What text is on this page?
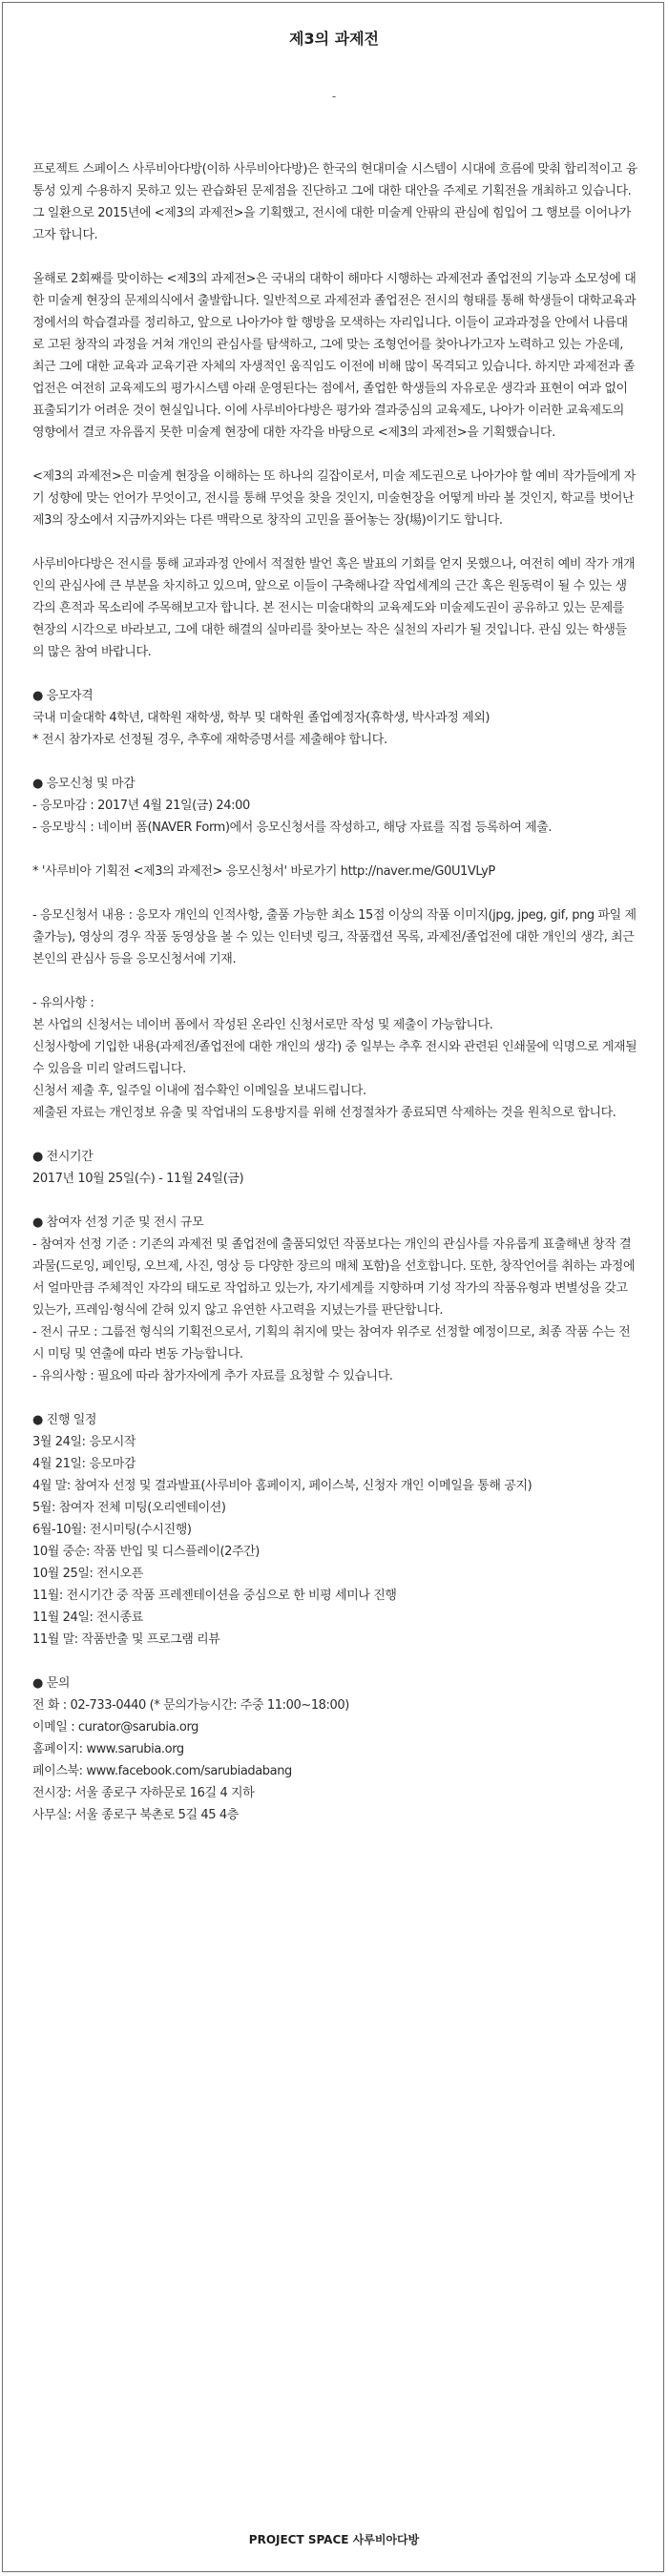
제3의 과제전
-

프로젝트 스페이스 사루비아다방(이하 사루비아다방)은 한국의 현대미술 시스템이 시대에 흐름에 맞춰 합리적이고 융통성 있게 수용하지 못하고 있는 관습화된 문제점을 진단하고 그에 대한 대안을 주제로 기획전을 개최하고 있습니다. 그 일환으로 2015년에 <제3의 과제전>을 기획했고, 전시에 대한 미술계 안팎의 관심에 힘입어 그 행보를 이어나가고자 합니다.

올해로 2회째를 맞이하는 <제3의 과제전>은 국내의 대학이 해마다 시행하는 과제전과 졸업전의 기능과 소모성에 대한 미술계 현장의 문제의식에서 출발합니다. 일반적으로 과제전과 졸업전은 전시의 형태를 통해 학생들이 대학교육과정에서의 학습결과를 정리하고, 앞으로 나아가야 할 행방을 모색하는 자리입니다. 이들이 교과과정을 안에서 나름대로 고된 창작의 과정을 거쳐 개인의 관심사를 탐색하고, 그에 맞는 조형언어를 찾아나가고자 노력하고 있는 가운데, 최근 그에 대한 교육과 교육기관 자체의 자생적인 움직임도 이전에 비해 많이 목격되고 있습니다. 하지만 과제전과 졸업전은 여전히 교육제도의 평가시스템 아래 운영된다는 점에서, 졸업한 학생들의 자유로운 생각과 표현이 여과 없이 표출되기가 어려운 것이 현실입니다. 이에 사루비아다방은 평가와 결과중심의 교육제도, 나아가 이러한 교육제도의 영향에서 결코 자유롭지 못한 미술계 현장에 대한 자각을 바탕으로 <제3의 과제전>을 기획했습니다.

<제3의 과제전>은 미술계 현장을 이해하는 또 하나의 길잡이로서, 미술 제도권으로 나아가야 할 예비 작가들에게 자기 성향에 맞는 언어가 무엇이고, 전시를 통해 무엇을 찾을 것인지, 미술현장을 어떻게 바라 볼 것인지, 학교를 벗어난 제3의 장소에서 지금까지와는 다른 맥락으로 창작의 고민을 풀어놓는 장(場)이기도 합니다.

사루비아다방은 전시를 통해 교과과정 안에서 적절한 발언 혹은 발표의 기회를 얻지 못했으나, 여전히 예비 작가 개개인의 관심사에 큰 부분을 차지하고 있으며, 앞으로 이들이 구축해나갈 작업세계의 근간 혹은 원동력이 될 수 있는 생각의 흔적과 목소리에 주목해보고자 합니다. 본 전시는 미술대학의 교육제도와 미술제도권이 공유하고 있는 문제를 현장의 시각으로 바라보고, 그에 대한 해결의 실마리를 찾아보는 작은 실천의 자리가 될 것입니다. 관심 있는 학생들의 많은 참여 바랍니다.

● 응모자격

국내 미술대학 4학년, 대학원 재학생, 학부 및 대학원 졸업예정자(휴학생, 박사과정 제외)

* 전시 참가자로 선정될 경우, 추후에 재학증명서를 제출해야 합니다.

● 응모신청 및 마감

- 응모마감 : 2017년 4월 21일(금) 24:00

- 응모방식 : 네이버 폼(NAVER Form)에서 응모신청서를 작성하고, 해당 자료를 직접 등록하여 제출.

* '사루비아 기획전 <제3의 과제전> 응모신청서' 바로가기 http://naver.me/G0U1VLyP

- 응모신청서 내용 : 응모자 개인의 인적사항, 출품 가능한 최소 15점 이상의 작품 이미지(jpg, jpeg, gif, png 파일 제출가능), 영상의 경우 작품 동영상을 볼 수 있는 인터넷 링크, 작품캡션 목록, 과제전/졸업전에 대한 개인의 생각, 최근 본인의 관심사 등을 응모신청서에 기재.

- 유의사항 :

본 사업의 신청서는 네이버 폼에서 작성된 온라인 신청서로만 작성 및 제출이 가능합니다.

신청사항에 기입한 내용(과제전/졸업전에 대한 개인의 생각) 중 일부는 추후 전시와 관련된 인쇄물에 익명으로 게재될 수 있음을 미리 알려드립니다.

신청서 제출 후, 일주일 이내에 접수확인 이메일을 보내드립니다.

제출된 자료는 개인정보 유출 및 작업내의 도용방지를 위해 선정절차가 종료되면 삭제하는 것을 원칙으로 합니다.

● 전시기간

2017년 10월 25일(수) - 11월 24일(금)

● 참여자 선정 기준 및 전시 규모

- 참여자 선정 기준 : 기존의 과제전 및 졸업전에 출품되었던 작품보다는 개인의 관심사를 자유롭게 표출해낸 창작 결과물(드로잉, 페인팅, 오브제, 사진, 영상 등 다양한 장르의 매체 포함)을 선호합니다. 또한, 창작언어를 취하는 과정에서 얼마만큼 주체적인 자각의 태도로 작업하고 있는가, 자기세계를 지향하며 기성 작가의 작품유형과 변별성을 갖고 있는가, 프레임·형식에 갇혀 있지 않고 유연한 사고력을 지녔는가를 판단합니다.

- 전시 규모 : 그룹전 형식의 기획전으로서, 기획의 취지에 맞는 참여자 위주로 선정할 예정이므로, 최종 작품 수는 전시 미팅 및 연출에 따라 변동 가능합니다.

- 유의사항 : 필요에 따라 참가자에게 추가 자료를 요청할 수 있습니다.

● 진행 일정

3월 24일: 응모시작

4월 21일: 응모마감

4월 말: 참여자 선정 및 결과발표(사루비아 홈페이지, 페이스북, 신청자 개인 이메일을 통해 공지)

5월: 참여자 전체 미팅(오리엔테이션)

6월-10월: 전시미팅(수시진행)

10월 중순: 작품 반입 및 디스플레이(2주간)

10월 25일: 전시오픈

11월: 전시기간 중 작품 프레젠테이션을 중심으로 한 비평 세미나 진행

11월 24일: 전시종료

11월 말: 작품반출 및 프로그램 리뷰

● 문의

전 화 : 02-733-0440 (* 문의가능시간: 주중 11:00~18:00)

이메일 : curator@sarubia.org

홈페이지: www.sarubia.org

페이스북: www.facebook.com/sarubiadabang

전시장: 서울 종로구 자하문로 16길 4 지하

사무실: 서울 종로구 북촌로 5길 45 4층

PROJECT SPACE 사루비아다방
